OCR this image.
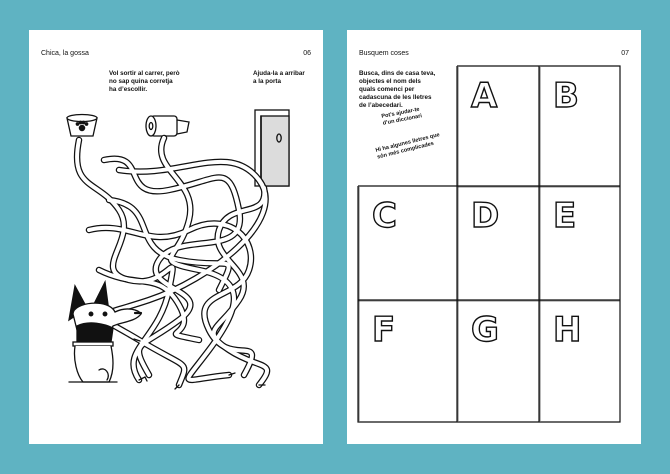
Chica, la gossa	06
Vol sortir al carrer, però
no sap quina corretja
ha d’escollir.
Ajuda-la a arribar
a la porta
Busquem coses	07
Busca, dins de casa teva,
objectes el nom dels
quals comenci per
cadascuna de les lletres
de l’abecedari.
Pot’s ajudar-te
d’un diccionari
Hi ha algunes lletres que
són més complicades
A	B
C	D	E
F	G	H
